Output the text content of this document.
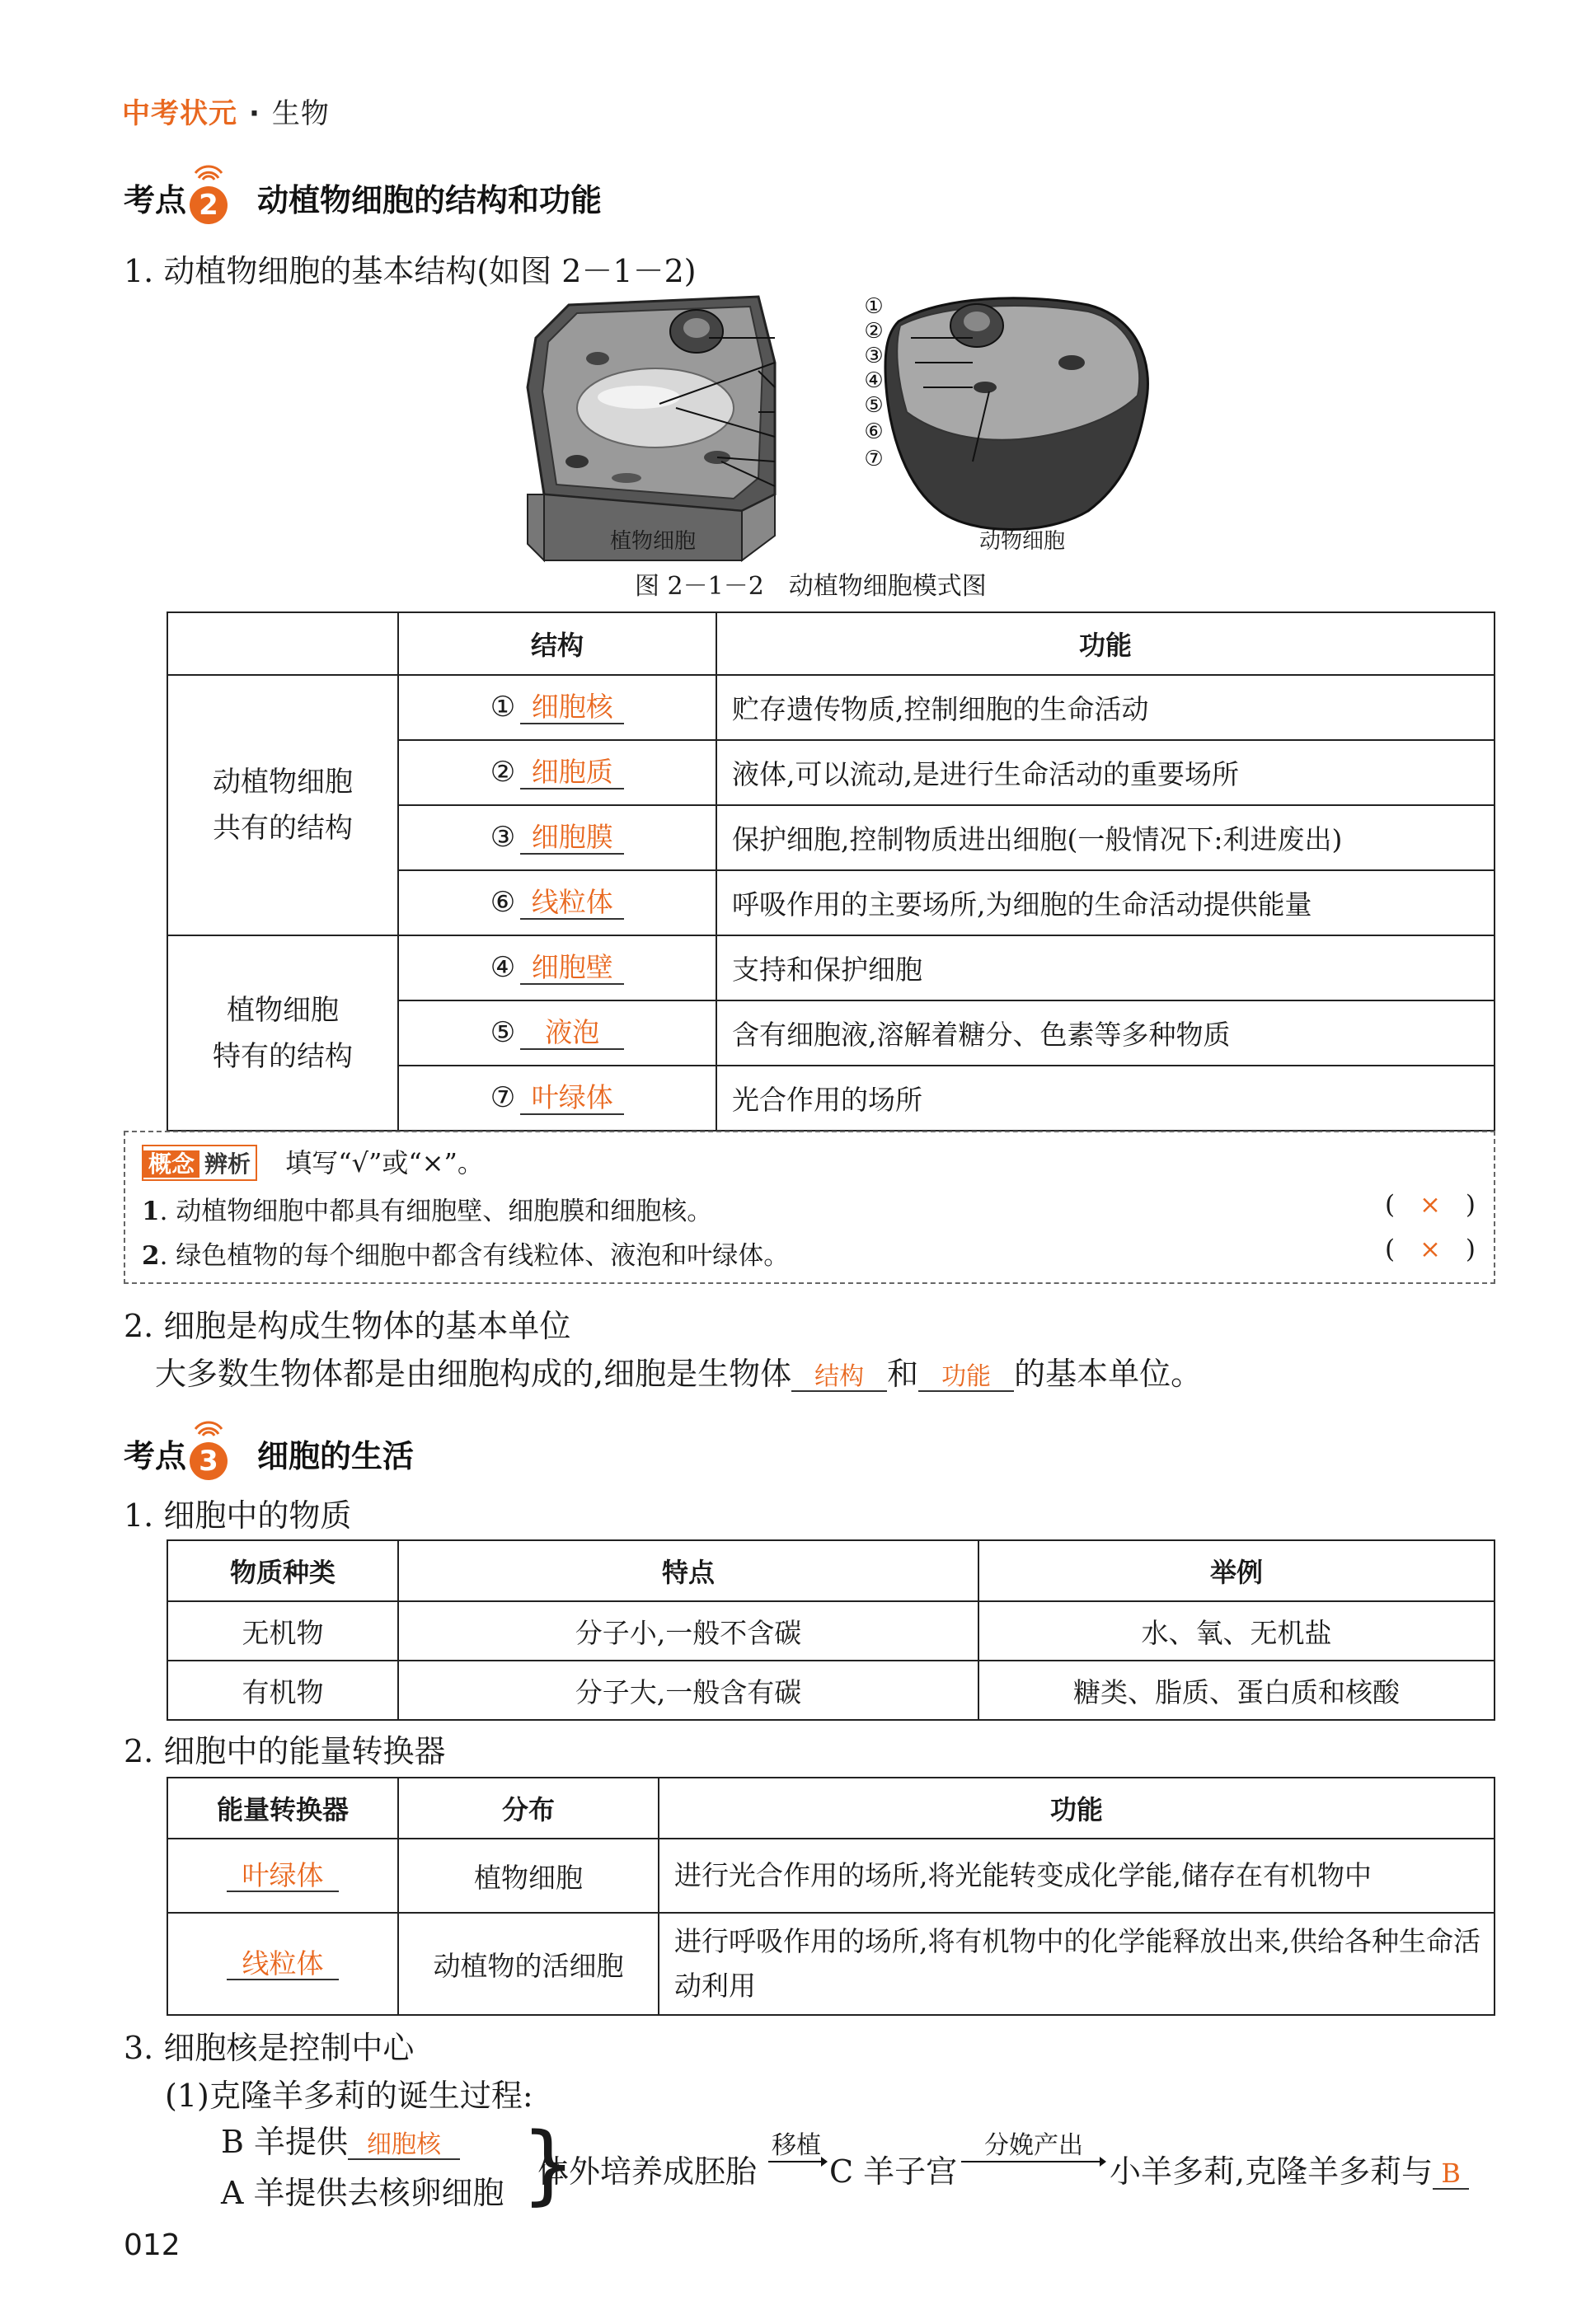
中考状元 · 生物
考点 2 动植物细胞的结构和功能
1. 动植物细胞的基本结构(如图 2－1－2)
①
②
③
④
⑤
⑥
⑦
植物细胞	动物细胞
图 2－1－2　动植物细胞模式图
	结构	功能
动植物细胞
共有的结构	① 细胞核	贮存遗传物质,控制细胞的生命活动
	② 细胞质	液体,可以流动,是进行生命活动的重要场所
	③ 细胞膜	保护细胞,控制物质进出细胞(一般情况下:利进废出)
	⑥ 线粒体	呼吸作用的主要场所,为细胞的生命活动提供能量
植物细胞
特有的结构	④ 细胞壁	支持和保护细胞
	⑤ 液泡	含有细胞液,溶解着糖分、色素等多种物质
	⑦ 叶绿体	光合作用的场所
概念 辨析 填写“√”或“×”。
1. 动植物细胞中都具有细胞壁、细胞膜和细胞核。	( × )
2. 绿色植物的每个细胞中都含有线粒体、液泡和叶绿体。	( × )
2. 细胞是构成生物体的基本单位
大多数生物体都是由细胞构成的,细胞是生物体 结构 和 功能 的基本单位。
考点 3 细胞的生活
1. 细胞中的物质
物质种类	特点	举例
无机物	分子小,一般不含碳	水、氧、无机盐
有机物	分子大,一般含有碳	糖类、脂质、蛋白质和核酸
2. 细胞中的能量转换器
能量转换器	分布	功能
叶绿体	植物细胞	进行光合作用的场所,将光能转变成化学能,储存在有机物中
线粒体	动植物的活细胞	进行呼吸作用的场所,将有机物中的化学能释放出来,供给各种生命活动利用
3. 细胞核是控制中心
(1)克隆羊多莉的诞生过程:
B 羊提供 细胞核
A 羊提供去核卵细胞 }
体外培养成胚胎
移植
C 羊子宫
分娩产出
小羊多莉,克隆羊多莉与 B
012
